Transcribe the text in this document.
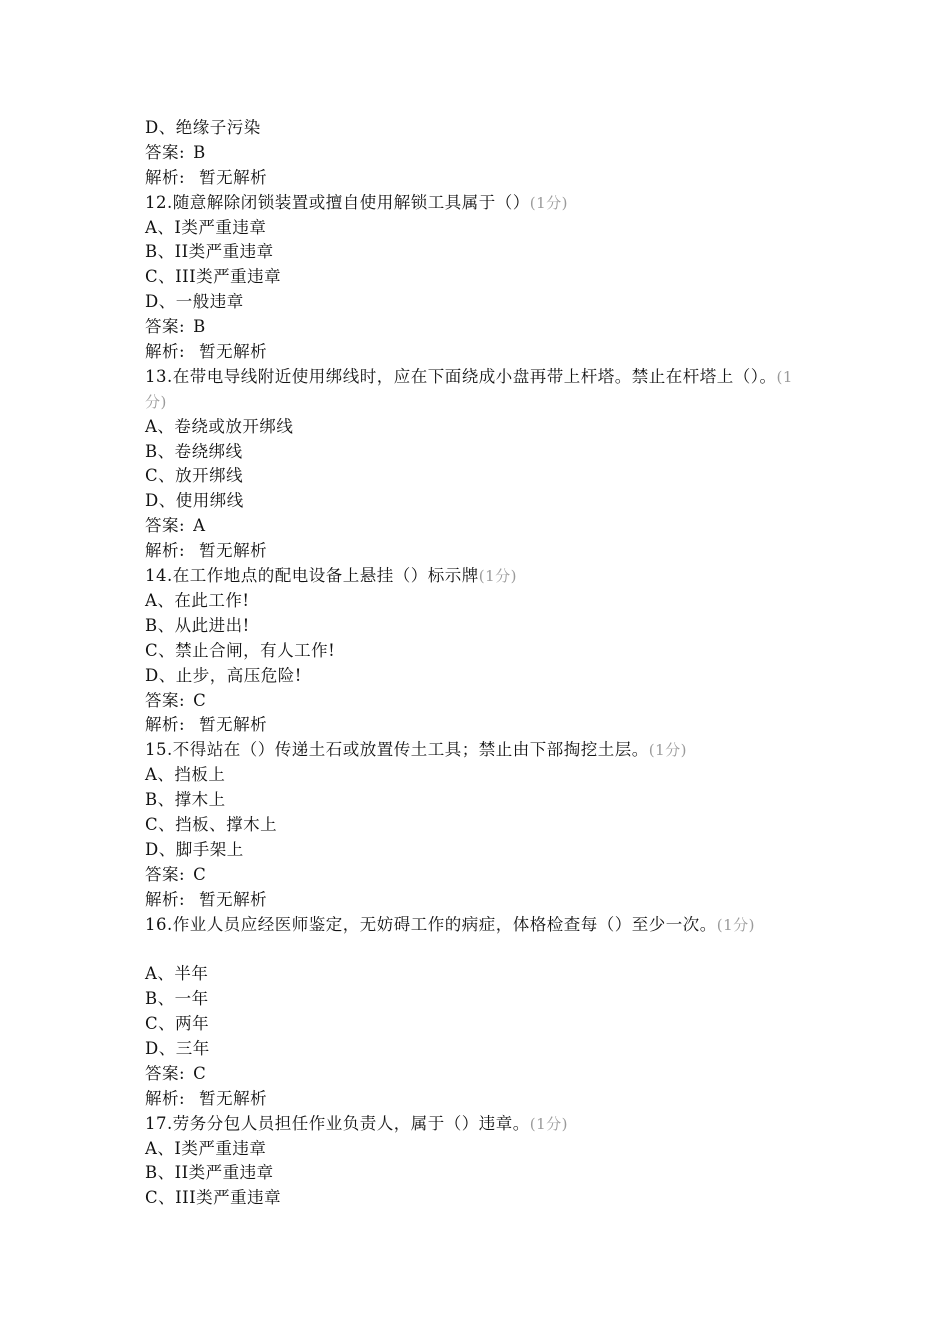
D、绝缘子污染
答案: B
解析: 暂无解析
12.随意解除闭锁装置或擅自使用解锁工具属于（）(1分)
A、I类严重违章
B、II类严重违章
C、III类严重违章
D、一般违章
答案: B
解析: 暂无解析
13.在带电导线附近使用绑线时，应在下面绕成小盘再带上杆塔。禁止在杆塔上（）。(1分)
A、卷绕或放开绑线
B、卷绕绑线
C、放开绑线
D、使用绑线
答案: A
解析: 暂无解析
14.在工作地点的配电设备上悬挂（）标示牌(1分)
A、在此工作!
B、从此进出!
C、禁止合闸，有人工作!
D、止步，高压危险!
答案: C
解析: 暂无解析
15.不得站在（）传递土石或放置传土工具；禁止由下部掏挖土层。(1分)
A、挡板上
B、撑木上
C、挡板、撑木上
D、脚手架上
答案: C
解析: 暂无解析
16.作业人员应经医师鉴定，无妨碍工作的病症，体格检查每（）至少一次。(1分)
A、半年
B、一年
C、两年
D、三年
答案: C
解析: 暂无解析
17.劳务分包人员担任作业负责人，属于（）违章。(1分)
A、I类严重违章
B、II类严重违章
C、III类严重违章
